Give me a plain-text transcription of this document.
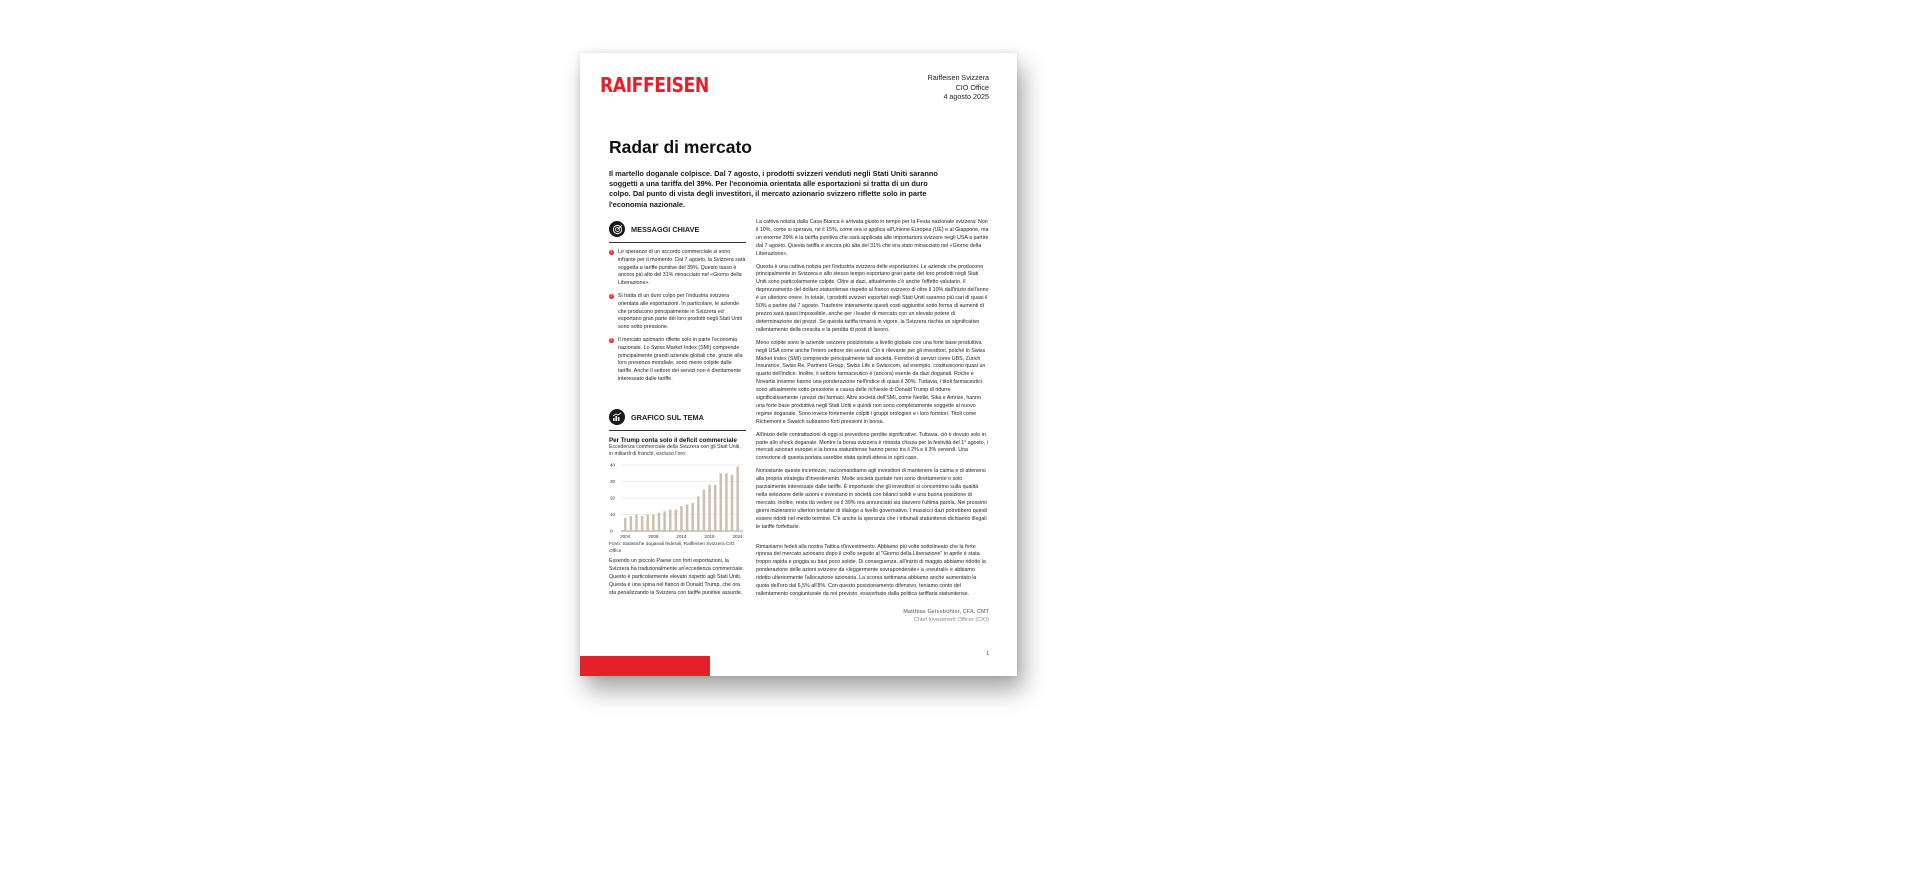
RAIFFEISEN	Raiffeisen Svizzera
CIO Office
4 agosto 2025
Radar di mercato
Il martello doganale colpisce. Dal 7 agosto, i prodotti svizzeri venduti negli Stati Uniti saranno soggetti a una tariffa del 39%. Per l'economia orientata alle esportazioni si tratta di un duro colpo. Dal punto di vista degli investitori, il mercato azionario svizzero riflette solo in parte l'economia nazionale.
MESSAGGI CHIAVE
1 Le speranze di un accordo commerciale si sono infrante per il momento. Dal 7 agosto, la Svizzera sarà soggetta a tariffe punitive del 39%. Questo tasso è ancora più alto del 31% minacciato nel «Giorno della Liberazione».
2 Si tratta di un duro colpo per l'industria svizzera orientata alle esportazioni. In particolare, le aziende che producono principalmente in Svizzera ed esportano gran parte dei loro prodotti negli Stati Uniti sono sotto pressione.
3 Il mercato azionario riflette solo in parte l'economia nazionale. Lo Swiss Market Index (SMI) comprende principalmente grandi aziende globali che, grazie alla loro presenza mondiale, sono meno colpite dalle tariffe. Anche il settore dei servizi non è direttamente interessato dalle tariffe.
GRAFICO SUL TEMA
Per Trump conta solo il deficit commerciale
Eccedenza commerciale della Svizzera con gli Stati Uniti, in miliardi di franchi, escluso l'oro
0
10
20
30
40
2004	2009	2014	2019	2024
Fonti: Statistiche doganali federali, Raiffeisen Svizzera CIO Office
Essendo un piccolo Paese con forti esportazioni, la Svizzera ha tradizionalmente un'eccedenza commerciale. Questo è particolarmente elevato rispetto agli Stati Uniti. Questa è una spina nel fianco di Donald Trump, che ora sta penalizzando la Svizzera con tariffe punitive assurde.

La cattiva notizia dalla Casa Bianca è arrivata giusto in tempo per la Festa nazionale svizzera: Non il 10%, come si sperava, né il 15%, come ora si applica all'Unione Europea (UE) e al Giappone, ma un enorme 39% è la tariffa punitiva che sarà applicata alle importazioni svizzere negli USA a partire dal 7 agosto. Questa tariffa è ancora più alta del 31% che era stato minacciato nel «Giorno della Liberazione».

Questa è una cattiva notizia per l'industria svizzera delle esportazioni. Le aziende che producono principalmente in Svizzera e allo stesso tempo esportano gran parte dei loro prodotti negli Stati Uniti sono particolarmente colpite. Oltre ai dazi, attualmente c'è anche l'effetto valutario. Il deprezzamento del dollaro statunitense rispetto al franco svizzero di oltre il 10% dall'inizio dell'anno è un ulteriore onere. In totale, i prodotti svizzeri esportati negli Stati Uniti saranno più cari di quasi il 50% a partire dal 7 agosto. Trasferire interamente questi costi aggiuntivi sotto forma di aumenti di prezzo sarà quasi impossibile, anche per i leader di mercato con un elevato potere di determinazione dei prezzi. Se questa tariffa rimarrà in vigore, la Svizzera rischia un significativo rallentamento della crescita e la perdita di posti di lavoro.

Meno colpite sono le aziende svizzere posizionate a livello globale con una forte base produttiva negli USA come anche l'intero settore dei servizi. Ciò è rilevante per gli investitori, poiché lo Swiss Market Index (SMI) comprende principalmente tali società. Fornitori di servizi come UBS, Zurich Insurance, Swiss Re, Partners Group, Swiss Life e Swisscom, ad esempio, costituiscono quasi un quarto dell'indice. Inoltre, il settore farmaceutico è (ancora) esente da dazi doganali. Roche e Novartis insieme hanno una ponderazione nell'indice di quasi il 30%. Tuttavia, i titoli farmaceutici sono attualmente sotto pressione a causa delle richieste di Donald Trump di ridurre significativamente i prezzi dei farmaci. Altre società dell'SMI, come Nestlé, Sika e Amrize, hanno una forte base produttiva negli Stati Uniti e quindi non sono completamente soggette al nuovo regime doganale. Sono invece fortemente colpiti i gruppi orologieri e i loro fornitori. Titoli come Richemont e Swatch subiranno forti pressioni in borsa.

All'inizio delle contrattazioni di oggi si prevedono perdite significative. Tuttavia, ciò è dovuto solo in parte allo shock doganale. Mentre la borsa svizzera è rimasta chiusa per la festività del 1° agosto, i mercati azionari europei e la borsa statunitense hanno perso tra il 2% e il 3% venerdì. Una correzione di questa portata sarebbe stata quindi attesa in ogni caso.

Nonostante queste incertezze, raccomandiamo agli investitori di mantenere la calma e di attenersi alla propria strategia d'investimento. Molte società quotate non sono direttamente o solo parzialmente interessate dalle tariffe. È importante che gli investitori si concentrino sulla qualità nella selezione delle azioni e investano in società con bilanci solidi e una buona posizione di mercato. Inoltre, resta da vedere se il 39% ora annunciato sia davvero l'ultima parola. Nei prossimi giorni inizieranno ulteriori tentativi di dialogo a livello governativo. I massicci dazi potrebbero quindi essere ridotti nel medio termine. C'è anche la speranza che i tribunali statunitensi dichiarino illegali le tariffe forfettarie.

Rimaniamo fedeli alla nostra Tattica d'investimento. Abbiamo più volte sottolineato che la forte ripresa del mercato azionario dopo il crollo seguito al "Giorno della Liberazione" in aprile è stata troppo rapida e poggia su basi poco solide. Di conseguenza, all'inizio di maggio abbiamo ridotto la ponderazione delle azioni svizzere da «leggermente sovraponderate» a «neutrali» e abbiamo ridotto ulteriormente l'allocazione azionaria. La scorsa settimana abbiamo anche aumentato la quota dell'oro dal 6,5% all'8%. Con questo posizionamento difensivo, teniamo conto del rallentamento congiunturale da noi previsto, esacerbato dalla politica tariffaria statunitense.

Matthias Geissbühler, CFA, CMT
Chief Investment Officer (CIO)
1
